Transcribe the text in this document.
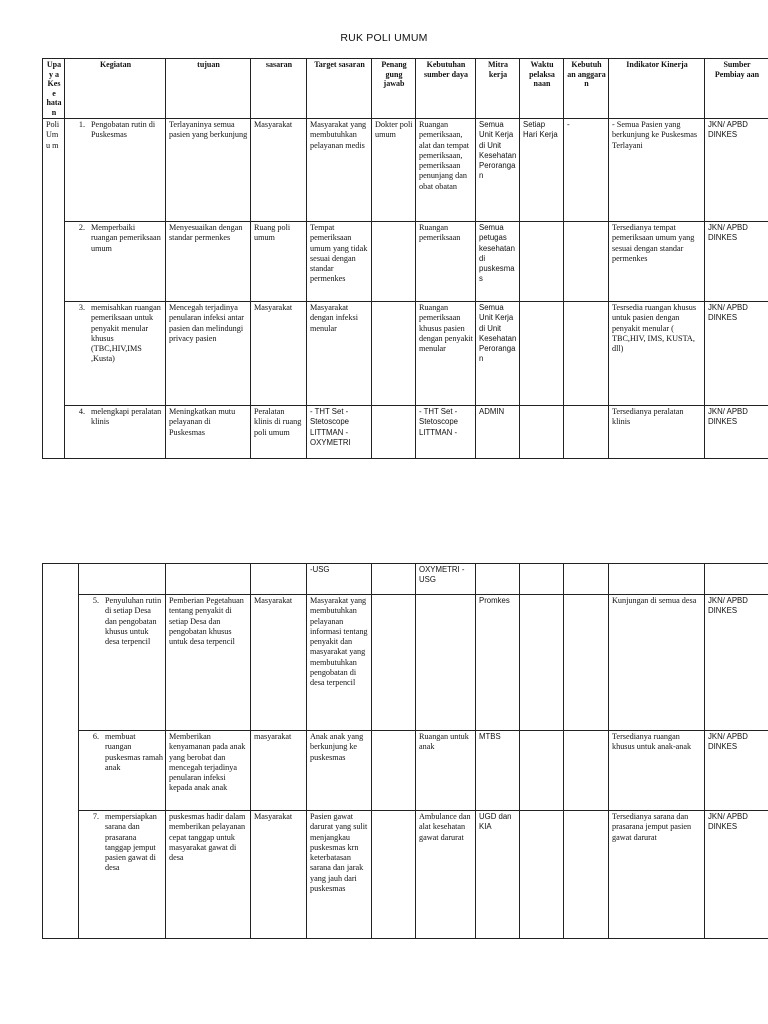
RUK POLI UMUM
Upay a Kese hatan	Kegiatan	tujuan	sasaran	Target sasaran	Penang gung jawab	Kebutuhan sumber daya	Mitra kerja	Waktu pelaksa naan	Kebutuh an anggara n	Indikator Kinerja	Sumber Pembiay aan
Poli Umu m	1. Pengobatan rutin di Puskesmas	Terlayaninya semua pasien yang berkunjung	Masyarakat	Masyarakat yang membutuhkan pelayanan medis	Dokter poli umum	Ruangan pemeriksaan, alat dan tempat pemeriksaan, pemeriksaan penunjang dan obat obatan	Semua Unit Kerja di Unit Kesehatan Perorangan	Setiap Hari Kerja	-	- Semua Pasien yang berkunjung ke Puskesmas Terlayani	JKN/ APBD DINKES

	2. Memperbaiki ruangan pemeriksaan umum	Menyesuaikan dengan standar permenkes	Ruang poli umum	Tempat pemeriksaan umum yang tidak sesuai dengan standar permenkes		Ruangan pemeriksaan	Semua petugas kesehatan di puskesmas			Tersedianya tempat pemeriksaan umum yang sesuai dengan standar permenkes	JKN/ APBD DINKES

	3. memisahkan ruangan pemeriksaan untuk penyakit menular khusus (TBC,HIV,IMS ,Kusta)	Mencegah terjadinya penularan infeksi antar pasien dan melindungi privacy pasien	Masyarakat	Masyarakat dengan infeksi menular		Ruangan pemeriksaan khusus pasien dengan penyakit menular	Semua Unit Kerja di Unit Kesehatan Perorangan			Tesrsedia ruangan khusus untuk pasien dengan penyakit menular ( TBC,HIV, IMS, KUSTA, dll)	JKN/ APBD DINKES

	4. melengkapi peralatan klinis	Meningkatkan mutu pelayanan di Puskesmas	Peralatan klinis di ruang poli umum	- THT Set - Stetoscope LITTMAN - OXYMETRI		- THT Set - Stetoscope LITTMAN -	ADMIN			Tersedianya peralatan klinis	JKN/ APBD DINKES
				-USG		OXYMETRI -USG					

	5. Penyuluhan rutin di setiap Desa dan pengobatan khusus untuk desa terpencil	Pemberian Pegetahuan tentang penyakit di setiap Desa dan pengobatan khusus untuk desa terpencil	Masyarakat	Masyarakat yang membutuhkan pelayanan informasi tentang penyakit dan masyarakat yang membutuhkan pengobatan di desa terpencil			Promkes			Kunjungan di semua desa	JKN/ APBD DINKES

	6. membuat ruangan puskesmas ramah anak	Memberikan kenyamanan pada anak yang berobat dan mencegah terjadinya penularan infeksi kepada anak anak	masyarakat	Anak anak yang berkunjung ke puskesmas		Ruangan untuk anak	MTBS			Tersedianya ruangan khusus untuk anak-anak	JKN/ APBD DINKES

	7. mempersiapkan sarana dan prasarana tanggap jemput pasien gawat di desa	puskesmas hadir dalam memberikan pelayanan cepat tanggap untuk masyarakat gawat di desa	Masyarakat	Pasien gawat darurat yang sulit menjangkau puskesmas krn keterbatasan sarana dan jarak yang jauh dari puskesmas		Ambulance dan alat kesehatan gawat darurat	UGD dan KIA			Tersedianya sarana dan prasarana jemput pasien gawat darurat	JKN/ APBD DINKES
